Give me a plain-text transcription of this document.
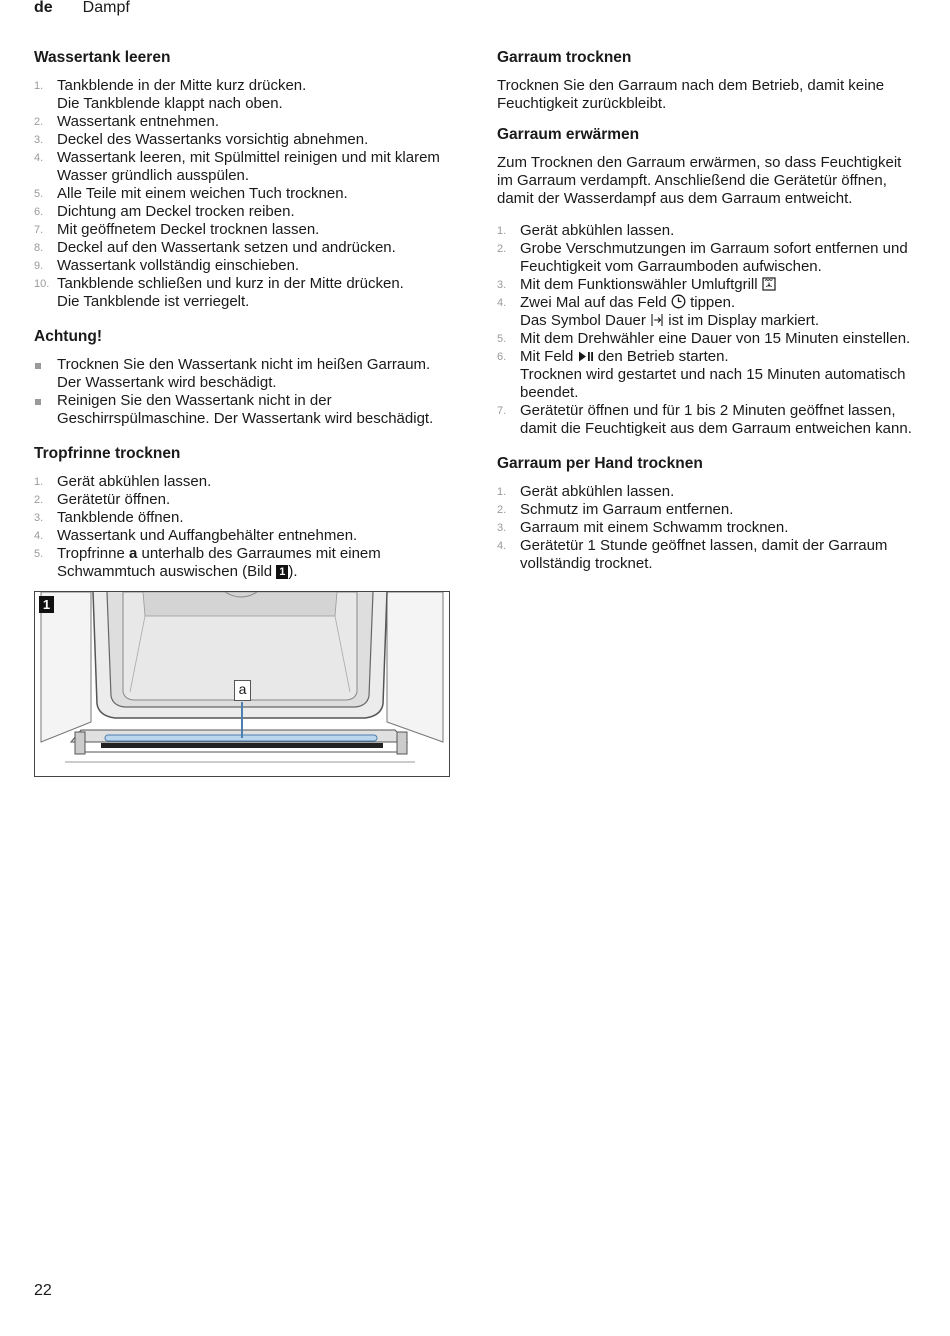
de Dampf
Wassertank leeren
1. Tankblende in der Mitte kurz drücken.
Die Tankblende klappt nach oben.
2. Wassertank entnehmen.
3. Deckel des Wassertanks vorsichtig abnehmen.
4. Wassertank leeren, mit Spülmittel reinigen und mit klarem Wasser gründlich ausspülen.
5. Alle Teile mit einem weichen Tuch trocknen.
6. Dichtung am Deckel trocken reiben.
7. Mit geöffnetem Deckel trocknen lassen.
8. Deckel auf den Wassertank setzen und andrücken.
9. Wassertank vollständig einschieben.
10. Tankblende schließen und kurz in der Mitte drücken.
Die Tankblende ist verriegelt.
Achtung!
Trocknen Sie den Wassertank nicht im heißen Garraum. Der Wassertank wird beschädigt.
Reinigen Sie den Wassertank nicht in der Geschirrspülmaschine. Der Wassertank wird beschädigt.
Tropfrinne trocknen
1. Gerät abkühlen lassen.
2. Gerätetür öffnen.
3. Tankblende öffnen.
4. Wassertank und Auffangbehälter entnehmen.
5. Tropfrinne a unterhalb des Garraumes mit einem Schwammtuch auswischen (Bild 1 ).
1
a
Garraum trocknen

Trocknen Sie den Garraum nach dem Betrieb, damit keine Feuchtigkeit zurückbleibt.

Garraum erwärmen

Zum Trocknen den Garraum erwärmen, so dass Feuchtigkeit im Garraum verdampft. Anschließend die Gerätetür öffnen, damit der Wasserdampf aus dem Garraum entweicht.

1. Gerät abkühlen lassen.
2. Grobe Verschmutzungen im Garraum sofort entfernen und Feuchtigkeit vom Garraumboden aufwischen.
3. Mit dem Funktionswähler Umluftgrill
4. Zwei Mal auf das Feld tippen.
Das Symbol Dauer ist im Display markiert.
5. Mit dem Drehwähler eine Dauer von 15 Minuten einstellen.
6. Mit Feld den Betrieb starten.
Trocknen wird gestartet und nach 15 Minuten automatisch beendet.
7. Gerätetür öffnen und für 1 bis 2 Minuten geöffnet lassen, damit die Feuchtigkeit aus dem Garraum entweichen kann.
Garraum per Hand trocknen
1. Gerät abkühlen lassen.
2. Schmutz im Garraum entfernen.
3. Garraum mit einem Schwamm trocknen.
4. Gerätetür 1 Stunde geöffnet lassen, damit der Garraum vollständig trocknet.
22
